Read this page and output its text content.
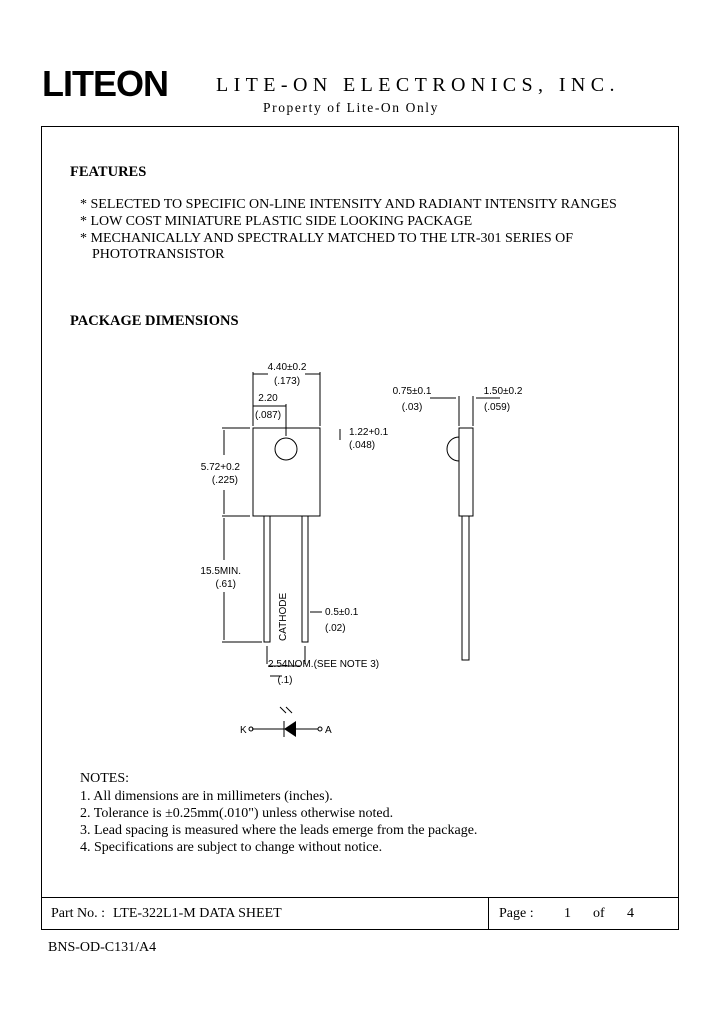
LITEON LITE-ON ELECTRONICS, INC.
Property of Lite-On Only
FEATURES
* SELECTED TO SPECIFIC ON-LINE INTENSITY AND RADIANT INTENSITY RANGES
* LOW COST MINIATURE PLASTIC SIDE LOOKING PACKAGE
* MECHANICALLY AND SPECTRALLY MATCHED TO THE LTR-301 SERIES OF
PHOTOTRANSISTOR
PACKAGE DIMENSIONS
4.40±0.2
(.173)
2.20
(.087)
1.22+0.1
(.048)
5.72+0.2
(.225)
15.5MIN.
(.61)
0.5±0.1
(.02)
2.54NOM.(SEE NOTE 3)
(.1)
0.75±0.1
(.03)
1.50±0.2
(.059)
CATHODE
K	A
NOTES:
1. All dimensions are in millimeters (inches).
2. Tolerance is ±0.25mm(.010") unless otherwise noted.
3. Lead spacing is measured where the leads emerge from the package.
4. Specifications are subject to change without notice.
Part No. : LTE-322L1-M DATA SHEET	Page : 1 of 4
BNS-OD-C131/A4
